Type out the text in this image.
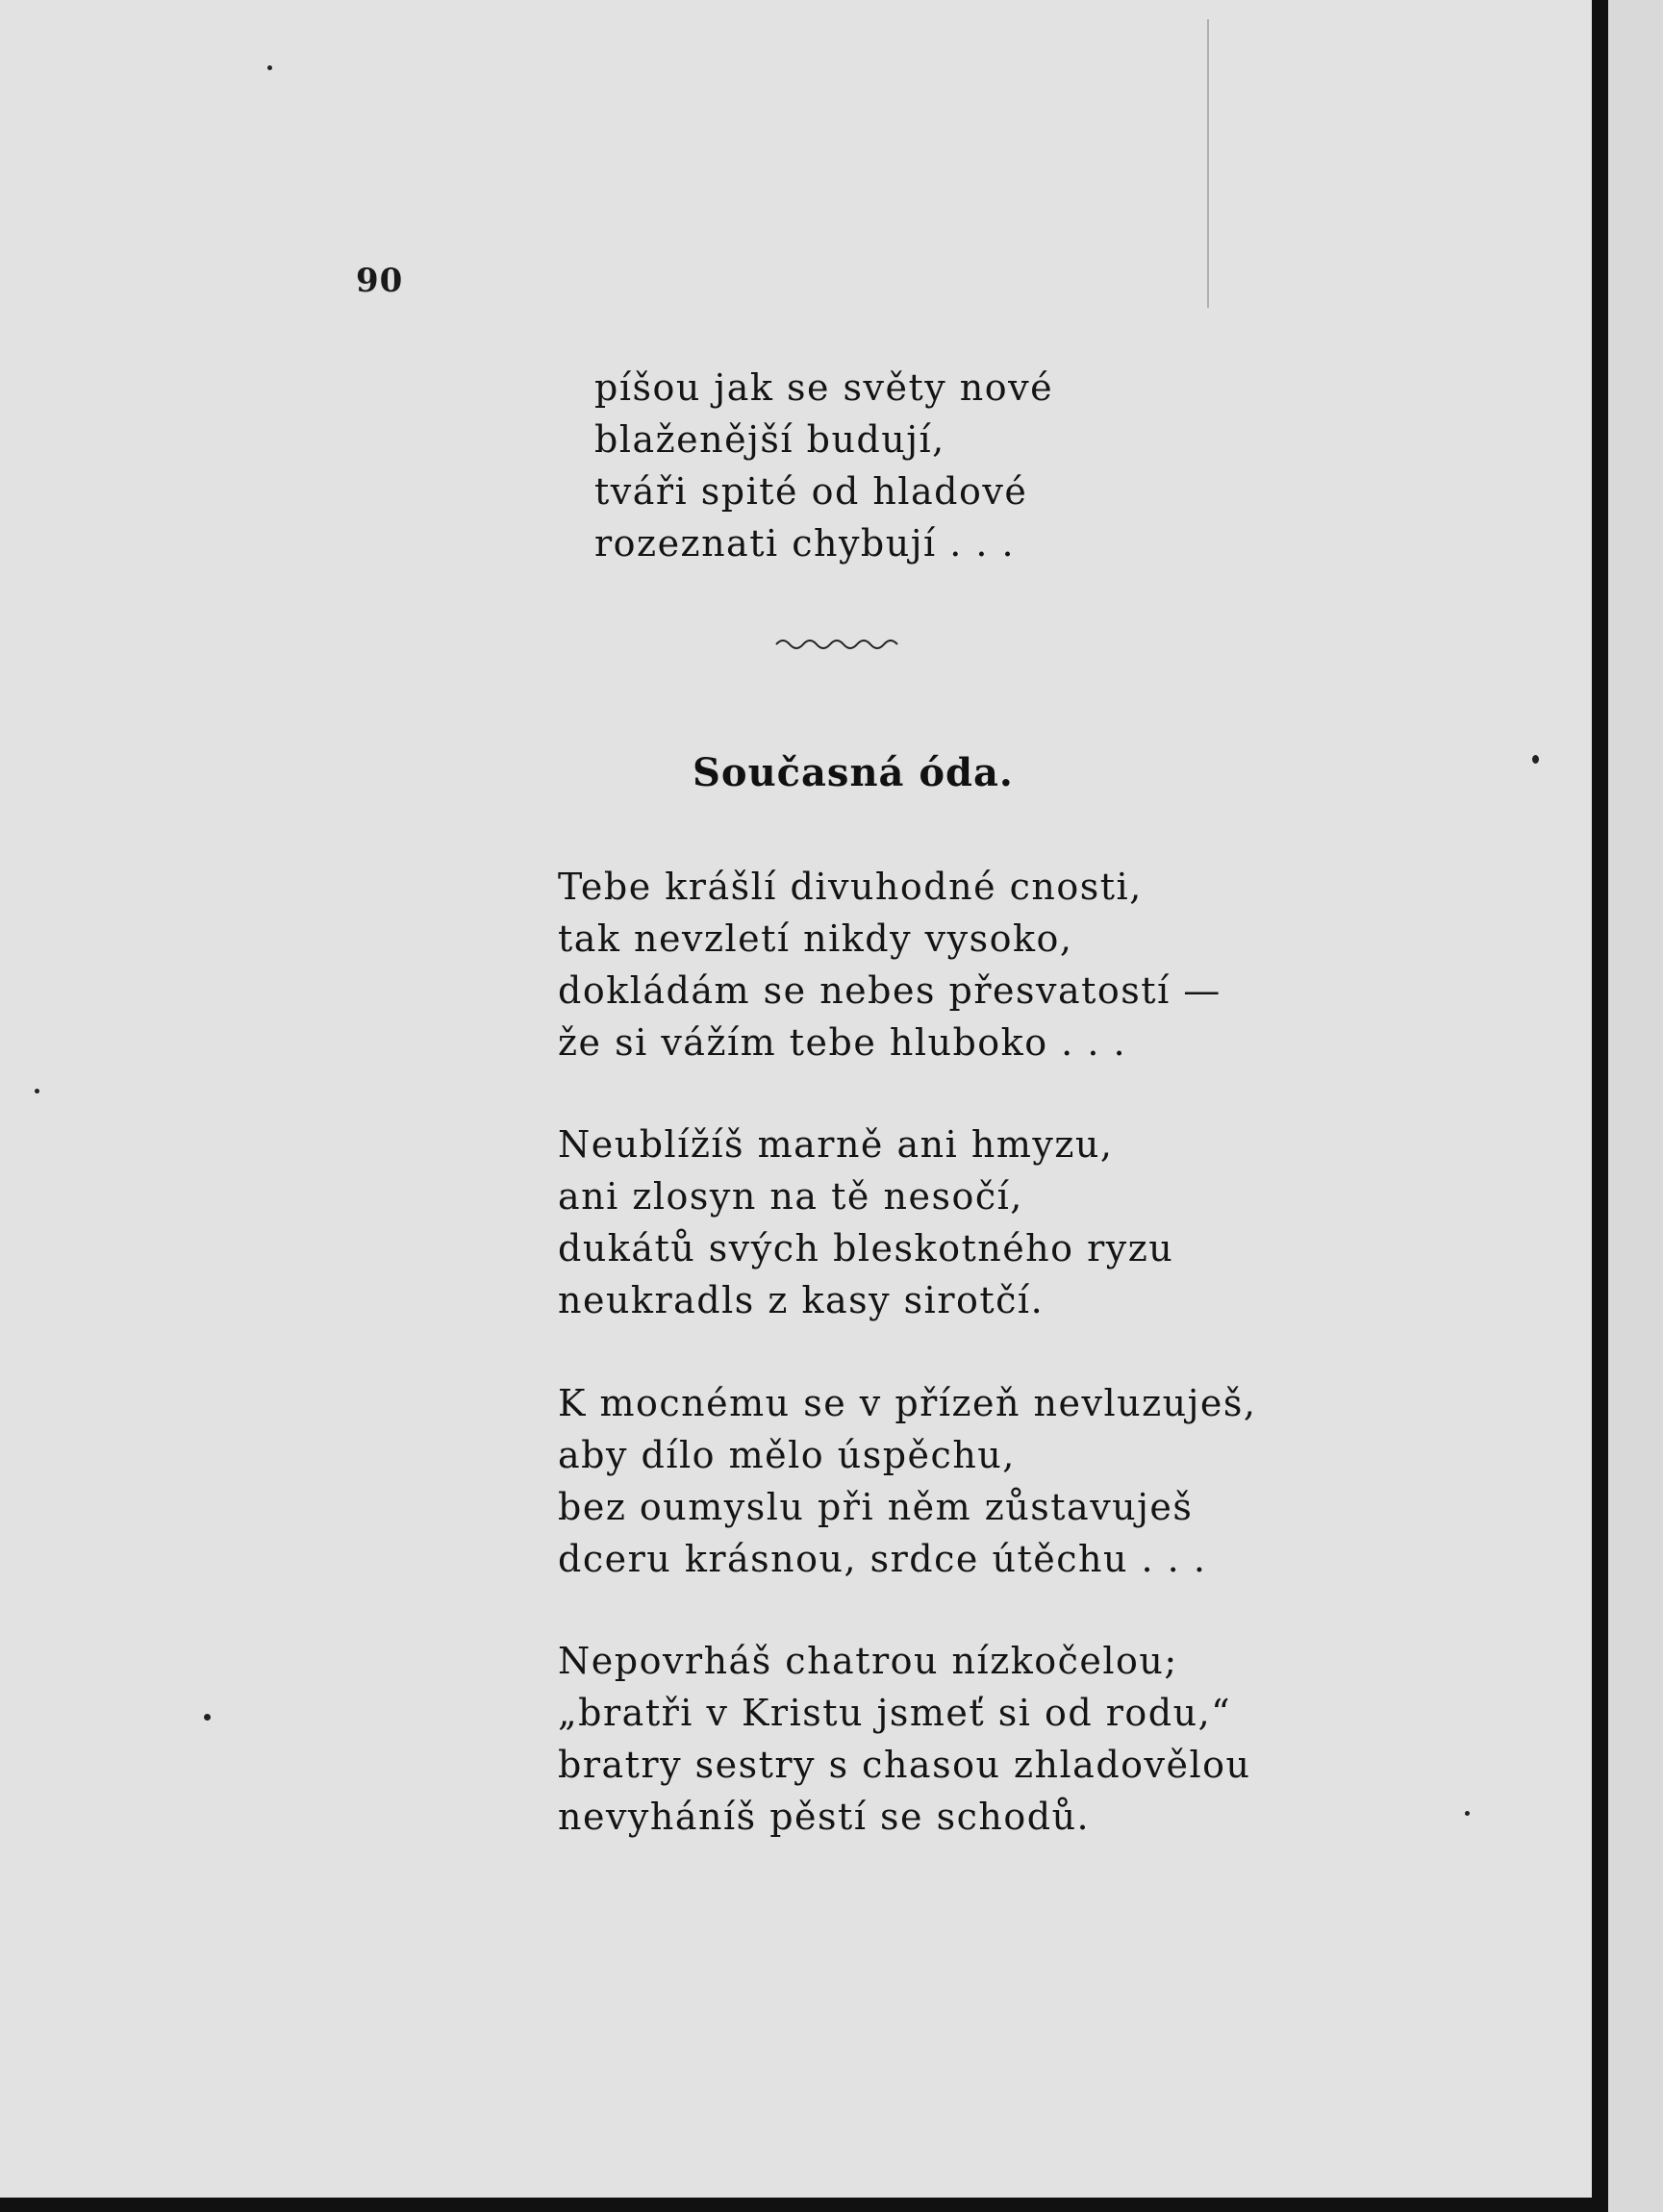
90
píšou jak se světy nové
blaženější budují,
tváři spité od hladové
rozeznati chybují . . .
Současná óda.
Tebe krášlí divuhodné cnosti,
tak nevzletí nikdy vysoko,
dokládám se nebes přesvatostí —
že si vážím tebe hluboko . . .
Neublížíš marně ani hmyzu,
ani zlosyn na tě nesočí,
dukátů svých bleskotného ryzu
neukradls z kasy sirotčí.
K mocnému se v přízeň nevluzuješ,
aby dílo mělo úspěchu,
bez oumyslu při něm zůstavuješ
dceru krásnou, srdce útěchu . . .
Nepovrháš chatrou nízkočelou;
„bratři v Kristu jsmeť si od rodu,“
bratry sestry s chasou zhladovělou
nevyháníš pěstí se schodů.
